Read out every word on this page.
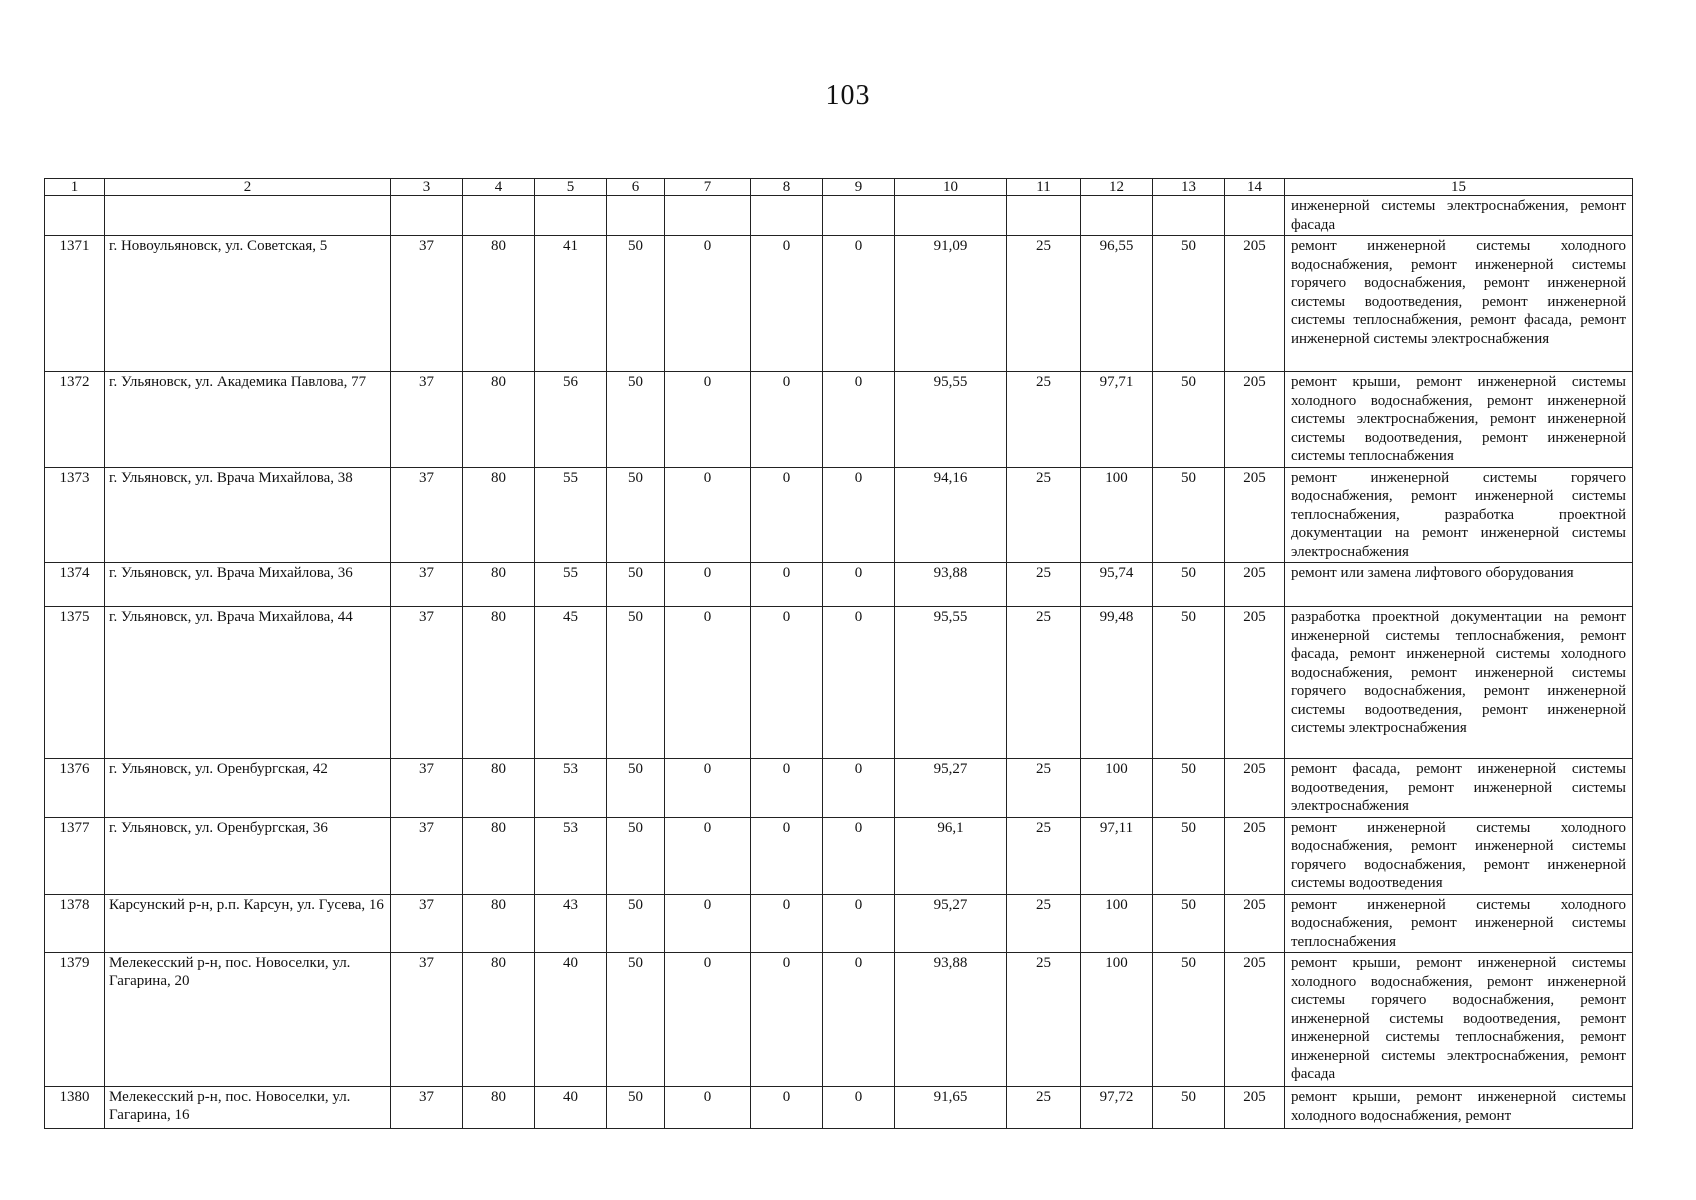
103
1	2	3	4	5	6	7	8	9	10	11	12	13	14	15
														инженерной системы электроснабжения, ремонт фасада
1371	г. Новоульяновск, ул. Советская, 5	37	80	41	50	0	0	0	91,09	25	96,55	50	205	ремонт инженерной системы холодного водоснабжения, ремонт инженерной системы горячего водоснабжения, ремонт инженерной системы водоотведения, ремонт инженерной системы теплоснабжения, ремонт фасада, ремонт инженерной системы электроснабжения
1372	г. Ульяновск, ул. Академика Павлова, 77	37	80	56	50	0	0	0	95,55	25	97,71	50	205	ремонт крыши, ремонт инженерной системы холодного водоснабжения, ремонт инженерной системы электроснабжения, ремонт инженерной системы водоотведения, ремонт инженерной системы теплоснабжения
1373	г. Ульяновск, ул. Врача Михайлова, 38	37	80	55	50	0	0	0	94,16	25	100	50	205	ремонт инженерной системы горячего водоснабжения, ремонт инженерной системы теплоснабжения, разработка проектной документации на ремонт инженерной системы электроснабжения
1374	г. Ульяновск, ул. Врача Михайлова, 36	37	80	55	50	0	0	0	93,88	25	95,74	50	205	ремонт или замена лифтового оборудования
1375	г. Ульяновск, ул. Врача Михайлова, 44	37	80	45	50	0	0	0	95,55	25	99,48	50	205	разработка проектной документации на ремонт инженерной системы теплоснабжения, ремонт фасада, ремонт инженерной системы холодного водоснабжения, ремонт инженерной системы горячего водоснабжения, ремонт инженерной системы водоотведения, ремонт инженерной системы электроснабжения
1376	г. Ульяновск, ул. Оренбургская, 42	37	80	53	50	0	0	0	95,27	25	100	50	205	ремонт фасада, ремонт инженерной системы водоотведения, ремонт инженерной системы электроснабжения
1377	г. Ульяновск, ул. Оренбургская, 36	37	80	53	50	0	0	0	96,1	25	97,11	50	205	ремонт инженерной системы холодного водоснабжения, ремонт инженерной системы горячего водоснабжения, ремонт инженерной системы водоотведения
1378	Карсунский р-н, р.п. Карсун, ул. Гусева, 16	37	80	43	50	0	0	0	95,27	25	100	50	205	ремонт инженерной системы холодного водоснабжения, ремонт инженерной системы теплоснабжения
1379	Мелекесский р-н, пос. Новоселки, ул. Гагарина, 20	37	80	40	50	0	0	0	93,88	25	100	50	205	ремонт крыши, ремонт инженерной системы холодного водоснабжения, ремонт инженерной системы горячего водоснабжения, ремонт инженерной системы водоотведения, ремонт инженерной системы теплоснабжения, ремонт инженерной системы электроснабжения, ремонт фасада
1380	Мелекесский р-н, пос. Новоселки, ул. Гагарина, 16	37	80	40	50	0	0	0	91,65	25	97,72	50	205	ремонт крыши, ремонт инженерной системы холодного водоснабжения, ремонт
